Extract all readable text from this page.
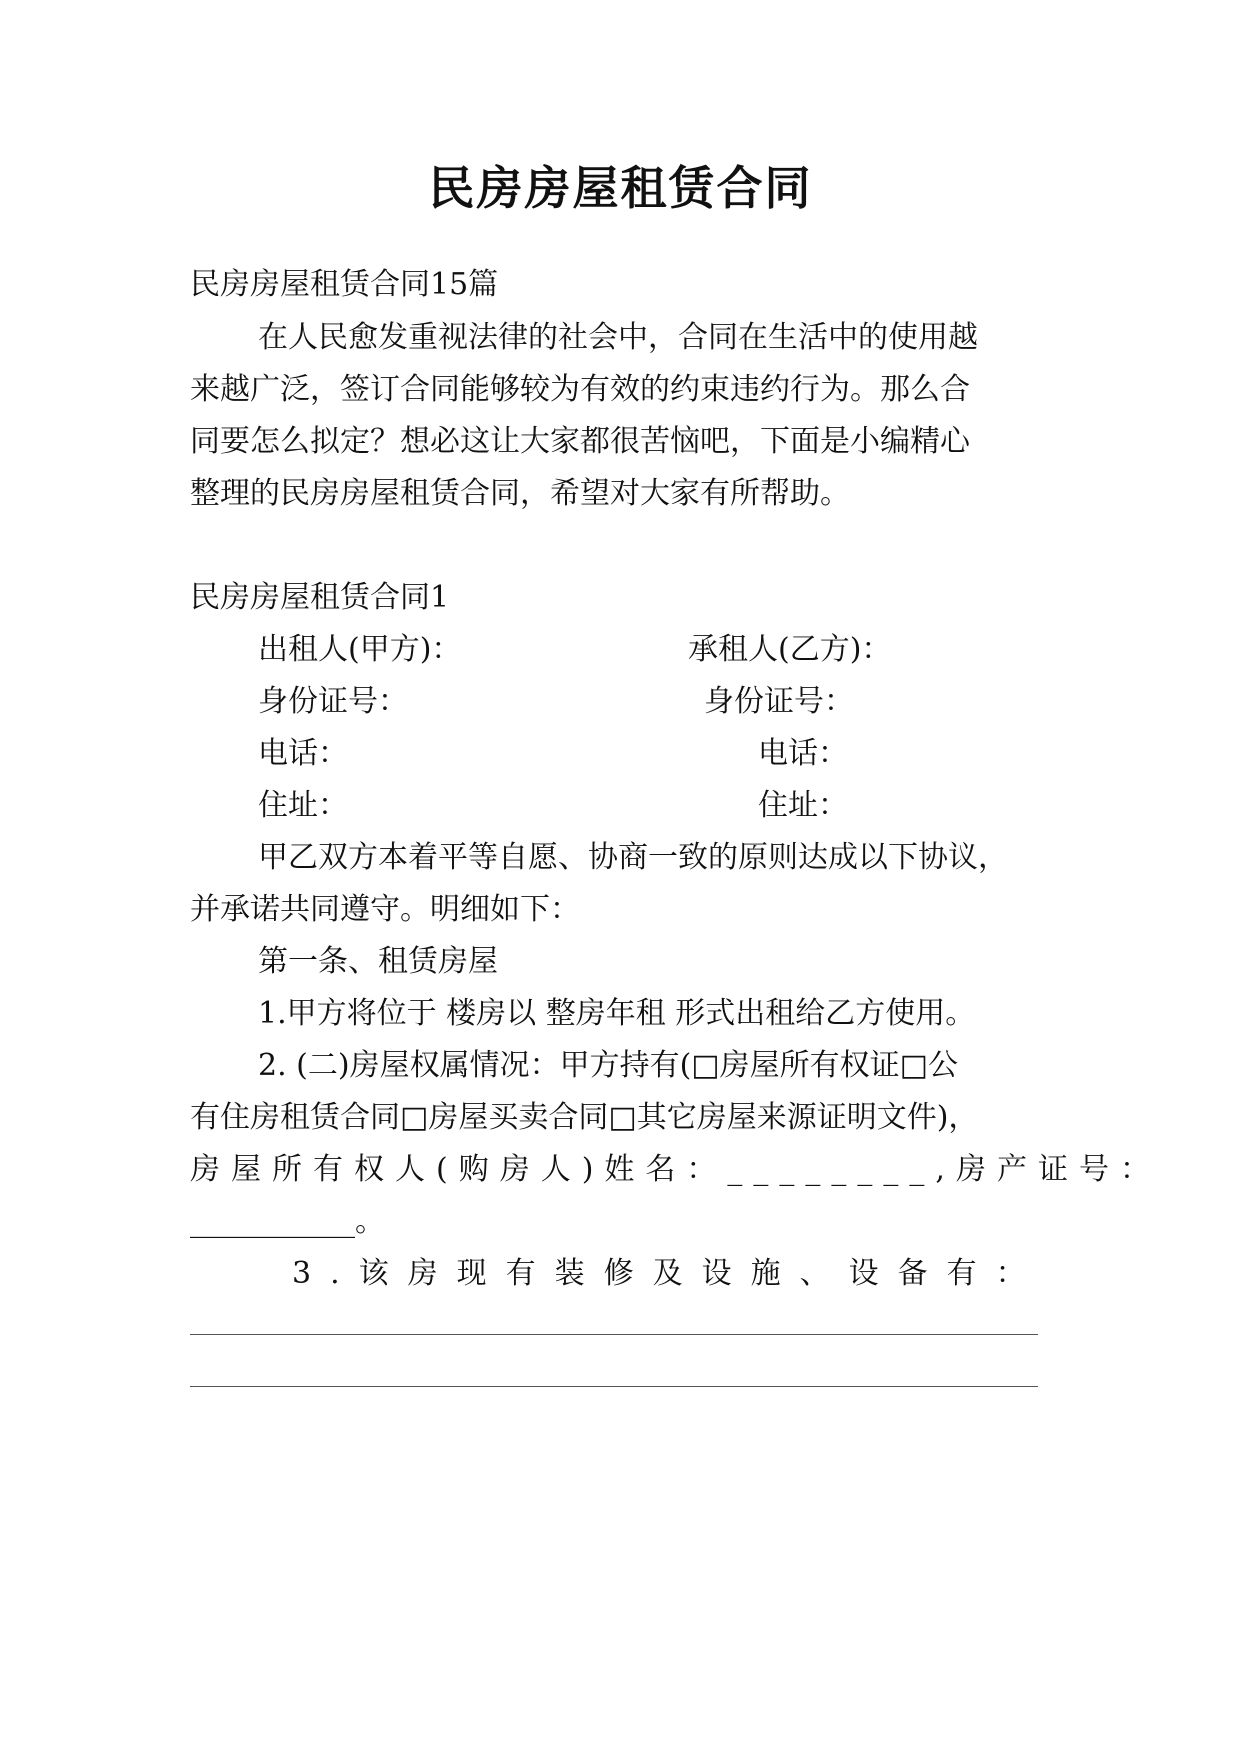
民房房屋租赁合同
民房房屋租赁合同15篇
在人民愈发重视法律的社会中，合同在生活中的使用越
来越广泛，签订合同能够较为有效的约束违约行为。那么合
同要怎么拟定？想必这让大家都很苦恼吧，下面是小编精心
整理的民房房屋租赁合同，希望对大家有所帮助。
民房房屋租赁合同1
出租人(甲方)：	承租人(乙方)：
身份证号：	身份证号：
电话：	电话：
住址：	住址：
甲乙双方本着平等自愿、协商一致的原则达成以下协议，
并承诺共同遵守。明细如下：
第一条、租赁房屋
1.甲方将位于 楼房以 整房年租 形式出租给乙方使用。
2. (二)房屋权属情况：甲方持有(□房屋所有权证□公
有住房租赁合同□房屋买卖合同□其它房屋来源证明文件)，
房屋所有权人(购房人)姓名：________,房产证号：
___________。
3.该房现有装修及设施、设备有：
